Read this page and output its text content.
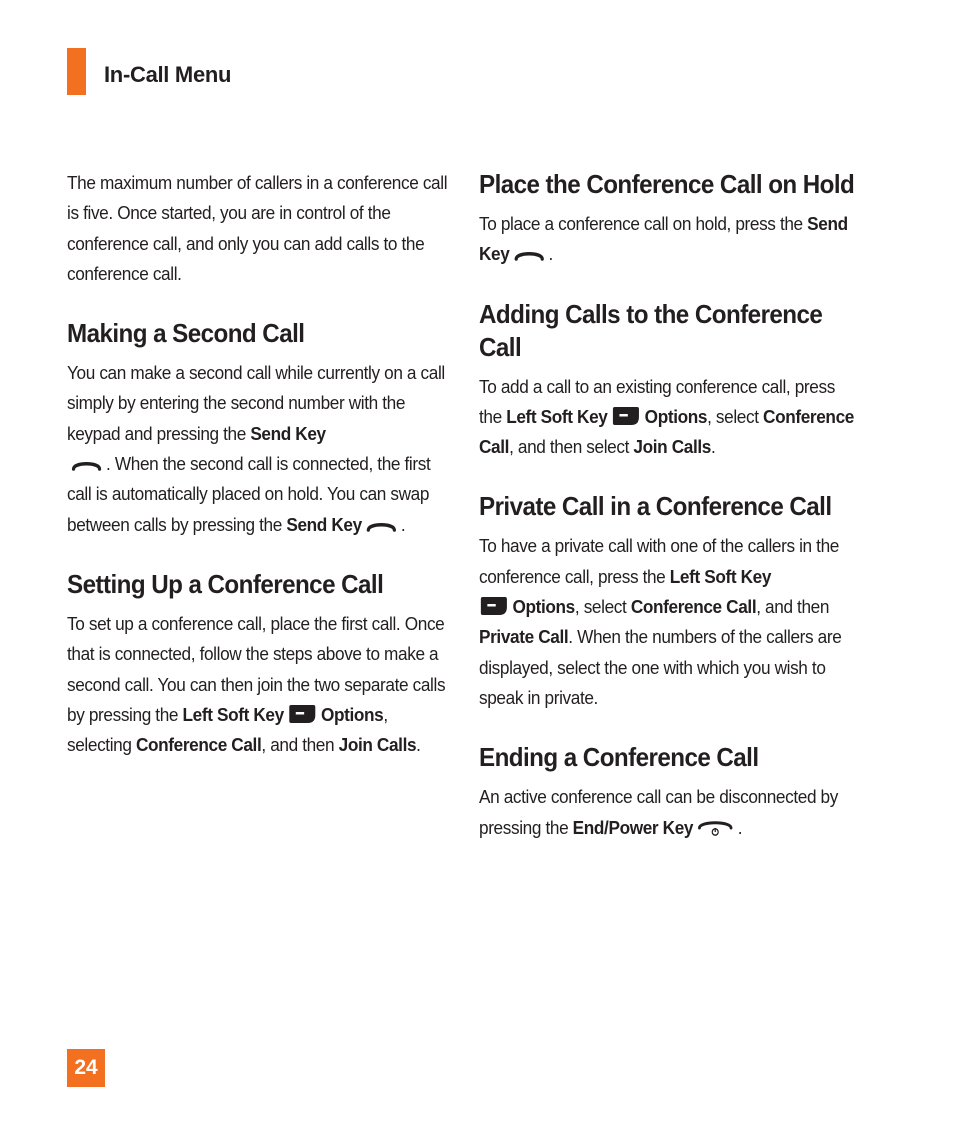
In-Call Menu

The maximum number of callers in a conference call is five. Once started, you are in control of the conference call, and only you can add calls to the conference call.

Making a Second Call

You can make a second call while currently on a call simply by entering the second number with the keypad and pressing the Send Key
. When the second call is connected, the first call is automatically placed on hold. You can swap between calls by pressing the Send Key .

Setting Up a Conference Call

To set up a conference call, place the first call. Once that is connected, follow the steps above to make a second call. You can then join the two separate calls by pressing the Left Soft Key Options, selecting Conference Call, and then Join Calls.

Place the Conference Call on Hold

To place a conference call on hold, press the Send Key .

Adding Calls to the Conference Call

To add a call to an existing conference call, press the Left Soft Key Options, select Conference Call, and then select Join Calls.

Private Call in a Conference Call

To have a private call with one of the callers in the conference call, press the Left Soft Key
Options, select Conference Call, and then Private Call. When the numbers of the callers are displayed, select the one with which you wish to speak in private.

Ending a Conference Call

An active conference call can be disconnected by pressing the End/Power Key .

24
